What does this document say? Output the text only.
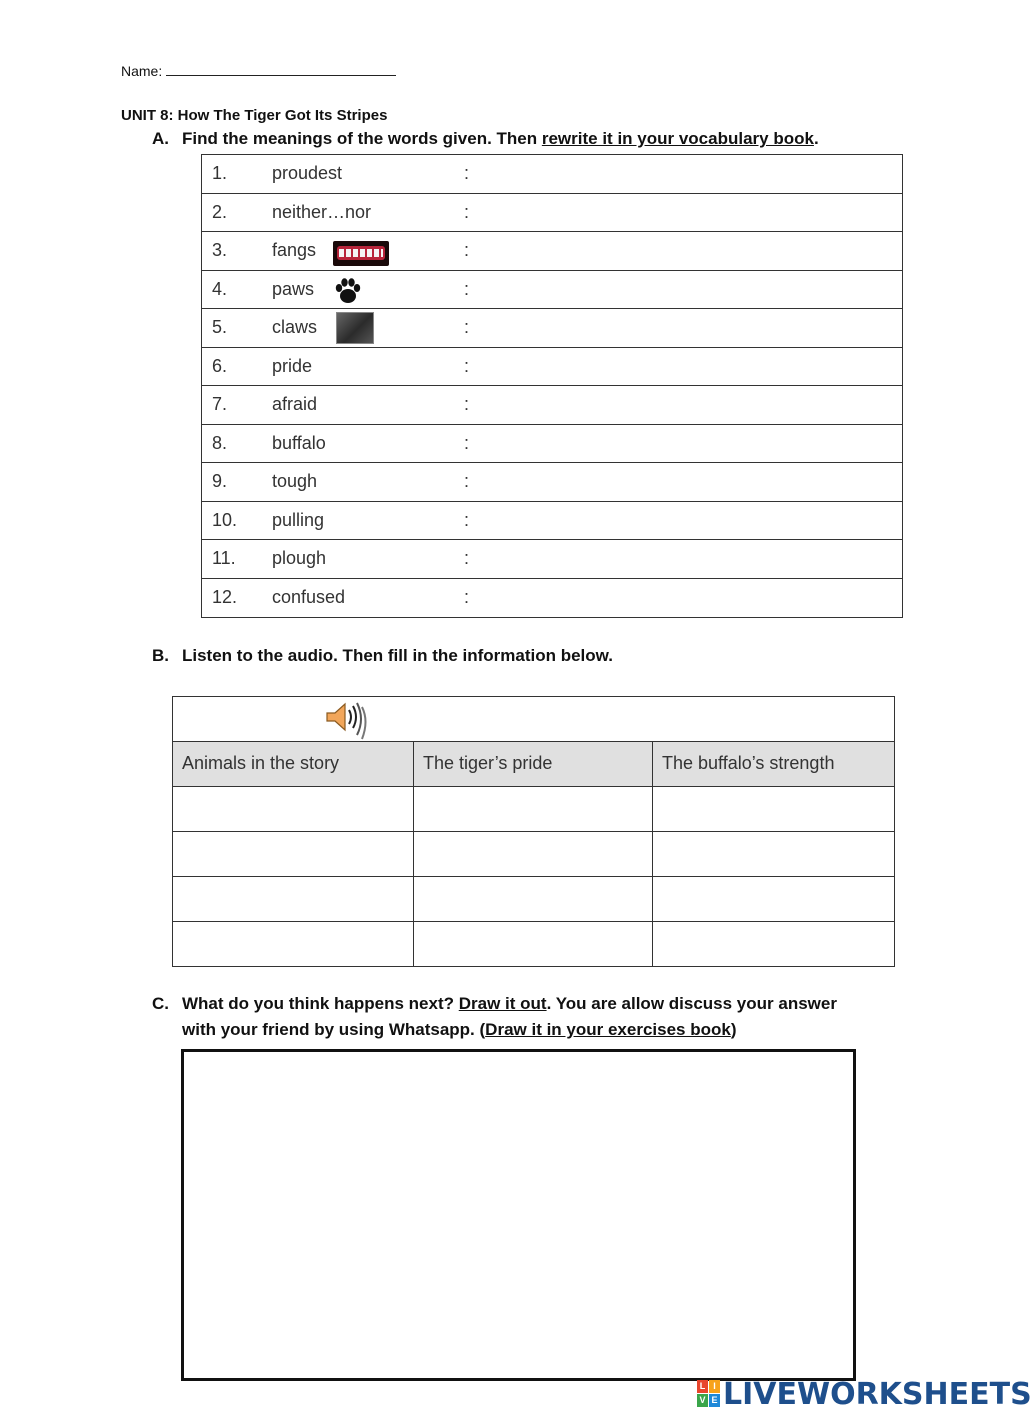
Name:
UNIT 8: How The Tiger Got Its Stripes
A. Find the meanings of the words given. Then rewrite it in your vocabulary book.
1. proudest	:
2. neither…nor	:
3. fangs	:
4. paws	:
5. claws	:
6. pride	:
7. afraid	:
8. buffalo	:
9. tough	:
10. pulling	:
11. plough	:
12. confused	:
B. Listen to the audio. Then fill in the information below.
Animals in the story	The tiger’s pride	The buffalo’s strength
C. What do you think happens next? Draw it out. You are allow discuss your answer with your friend by using Whatsapp. (Draw it in your exercises book)
L I
V E LIVEWORKSHEETS
